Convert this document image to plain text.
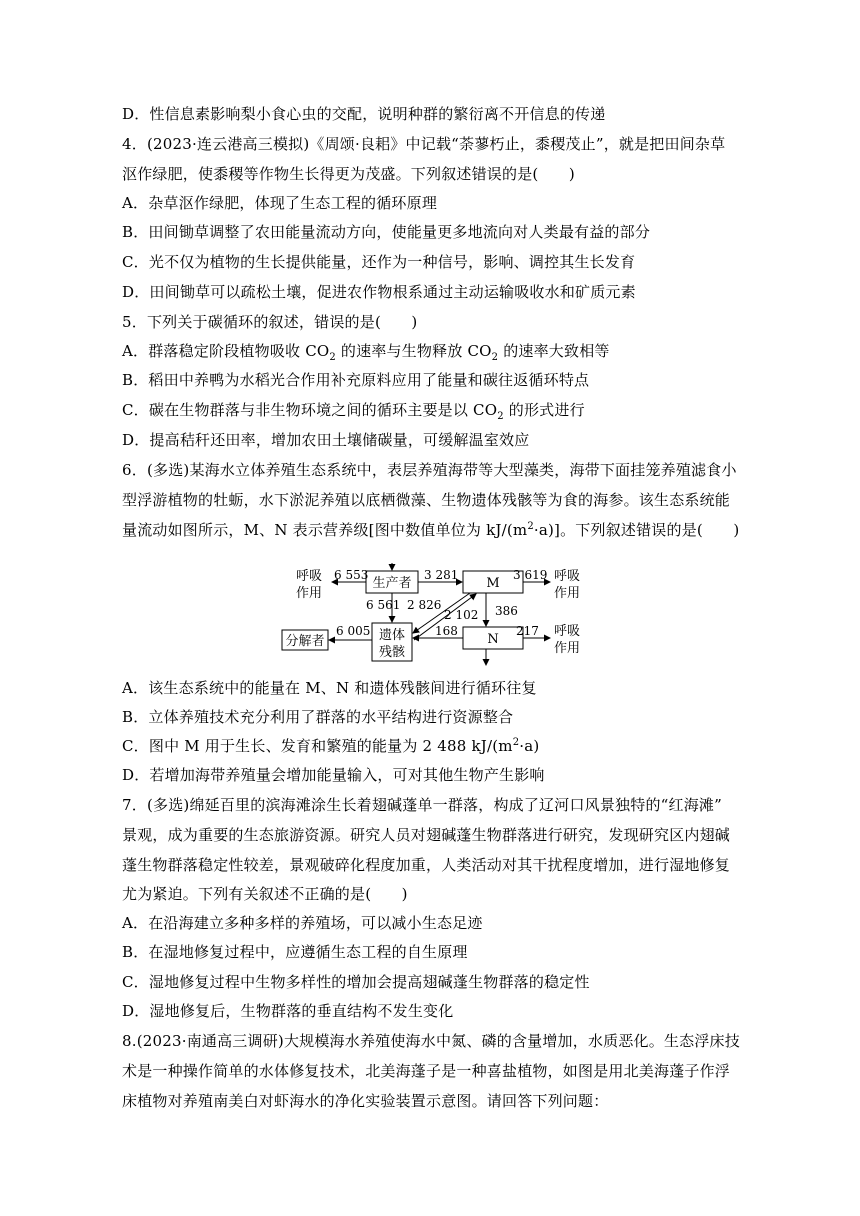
D．性信息素影响梨小食心虫的交配，说明种群的繁衍离不开信息的传递
4．(2023·连云港高三模拟)《周颂·良耜》中记载“荼蓼朽止，黍稷茂止”，就是把田间杂草
沤作绿肥，使黍稷等作物生长得更为茂盛。下列叙述错误的是(　　)
A．杂草沤作绿肥，体现了生态工程的循环原理
B．田间锄草调整了农田能量流动方向，使能量更多地流向对人类最有益的部分
C．光不仅为植物的生长提供能量，还作为一种信号，影响、调控其生长发育
D．田间锄草可以疏松土壤，促进农作物根系通过主动运输吸收水和矿质元素
5．下列关于碳循环的叙述，错误的是(　　)
A．群落稳定阶段植物吸收 $CO_2$ 的速率与生物释放 $CO_2$ 的速率大致相等
B．稻田中养鸭为水稻光合作用补充原料应用了能量和碳往返循环特点
C．碳在生物群落与非生物环境之间的循环主要是以 $CO_2$ 的形式进行
D．提高秸秆还田率，增加农田土壤储碳量，可缓解温室效应
6．(多选)某海水立体养殖生态系统中，表层养殖海带等大型藻类，海带下面挂笼养殖滤食小
型浮游植物的牡蛎，水下淤泥养殖以底栖微藻、生物遗体残骸等为食的海参。该生态系统能
量流动如图所示，M、N 表示营养级[图中数值单位为 $kJ/(m^2\cdot a)$]。下列叙述错误的是(　　)
生产者	M
N
遗体
残骸
分解者
呼吸
作用
呼吸
作用
呼吸
作用
6 553	3 281	3 619
6 561 2 826
2 102 386
6 005	168	217
A．该生态系统中的能量在 M、N 和遗体残骸间进行循环往复
B．立体养殖技术充分利用了群落的水平结构进行资源整合
C．图中 M 用于生长、发育和繁殖的能量为 2 488 $kJ/(m^2\cdot a)$
D．若增加海带养殖量会增加能量输入，可对其他生物产生影响
7．(多选)绵延百里的滨海滩涂生长着翅碱蓬单一群落，构成了辽河口风景独特的“红海滩”
景观，成为重要的生态旅游资源。研究人员对翅碱蓬生物群落进行研究，发现研究区内翅碱
蓬生物群落稳定性较差，景观破碎化程度加重，人类活动对其干扰程度增加，进行湿地修复
尤为紧迫。下列有关叙述不正确的是(　　)
A．在沿海建立多种多样的养殖场，可以减小生态足迹
B．在湿地修复过程中，应遵循生态工程的自生原理
C．湿地修复过程中生物多样性的增加会提高翅碱蓬生物群落的稳定性
D．湿地修复后，生物群落的垂直结构不发生变化
8.(2023·南通高三调研)大规模海水养殖使海水中氮、磷的含量增加，水质恶化。生态浮床技
术是一种操作简单的水体修复技术，北美海蓬子是一种喜盐植物，如图是用北美海蓬子作浮
床植物对养殖南美白对虾海水的净化实验装置示意图。请回答下列问题：
